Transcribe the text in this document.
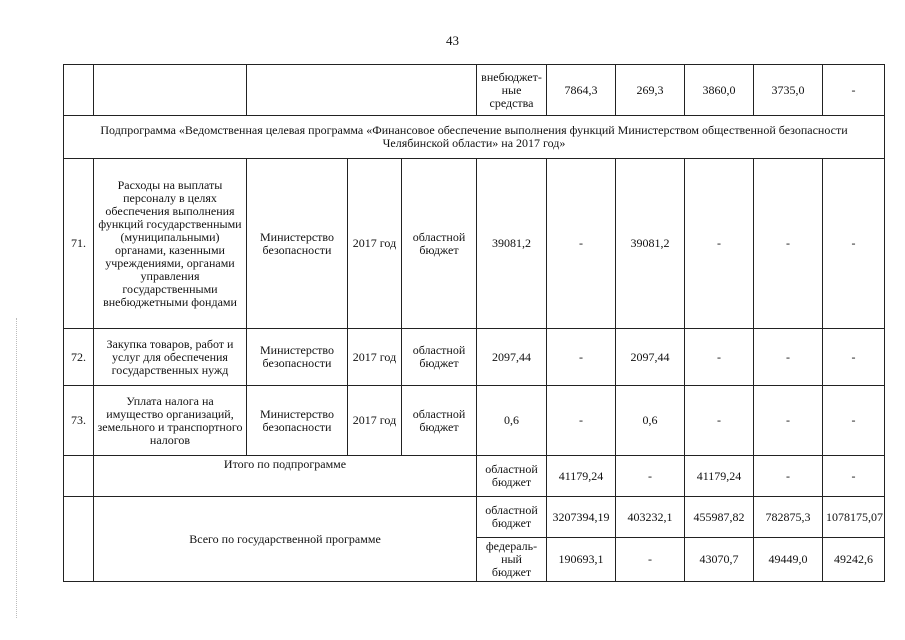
43
					внебюджет-
ные
средства	7864,3	269,3	3860,0	3735,0	-	
Подпрограмма «Ведомственная целевая программа «Финансовое обеспечение выполнения функций Министерством общественной безопасности Челябинской области» на 2017 год»											
71.	Расходы на выплаты персоналу в целях обеспечения выполнения функций государственными (муниципальными) органами, казенными учреждениями, органами управления государственными внебюджетными фондами	Министерство безопасности	2017 год	областной бюджет	39081,2	-	39081,2	-	-	-	
72.	Закупка товаров, работ и услуг для обеспечения государственных нужд	Министерство безопасности	2017 год	областной бюджет	2097,44	-	2097,44	-	-	-	
73.	Уплата налога на имущество организаций, земельного и транспортного налогов	Министерство безопасности	2017 год	областной бюджет	0,6	-	0,6	-	-	-	
	Итого по подпрограмме				областной бюджет	41179,24	-	41179,24	-	-	
	Всего по государственной программе				областной бюджет	3207394,19	403232,1	455987,82	782875,3	1078175,07	
					федераль-
ный бюджет	190693,1	-	43070,7	49449,0	49242,6	
